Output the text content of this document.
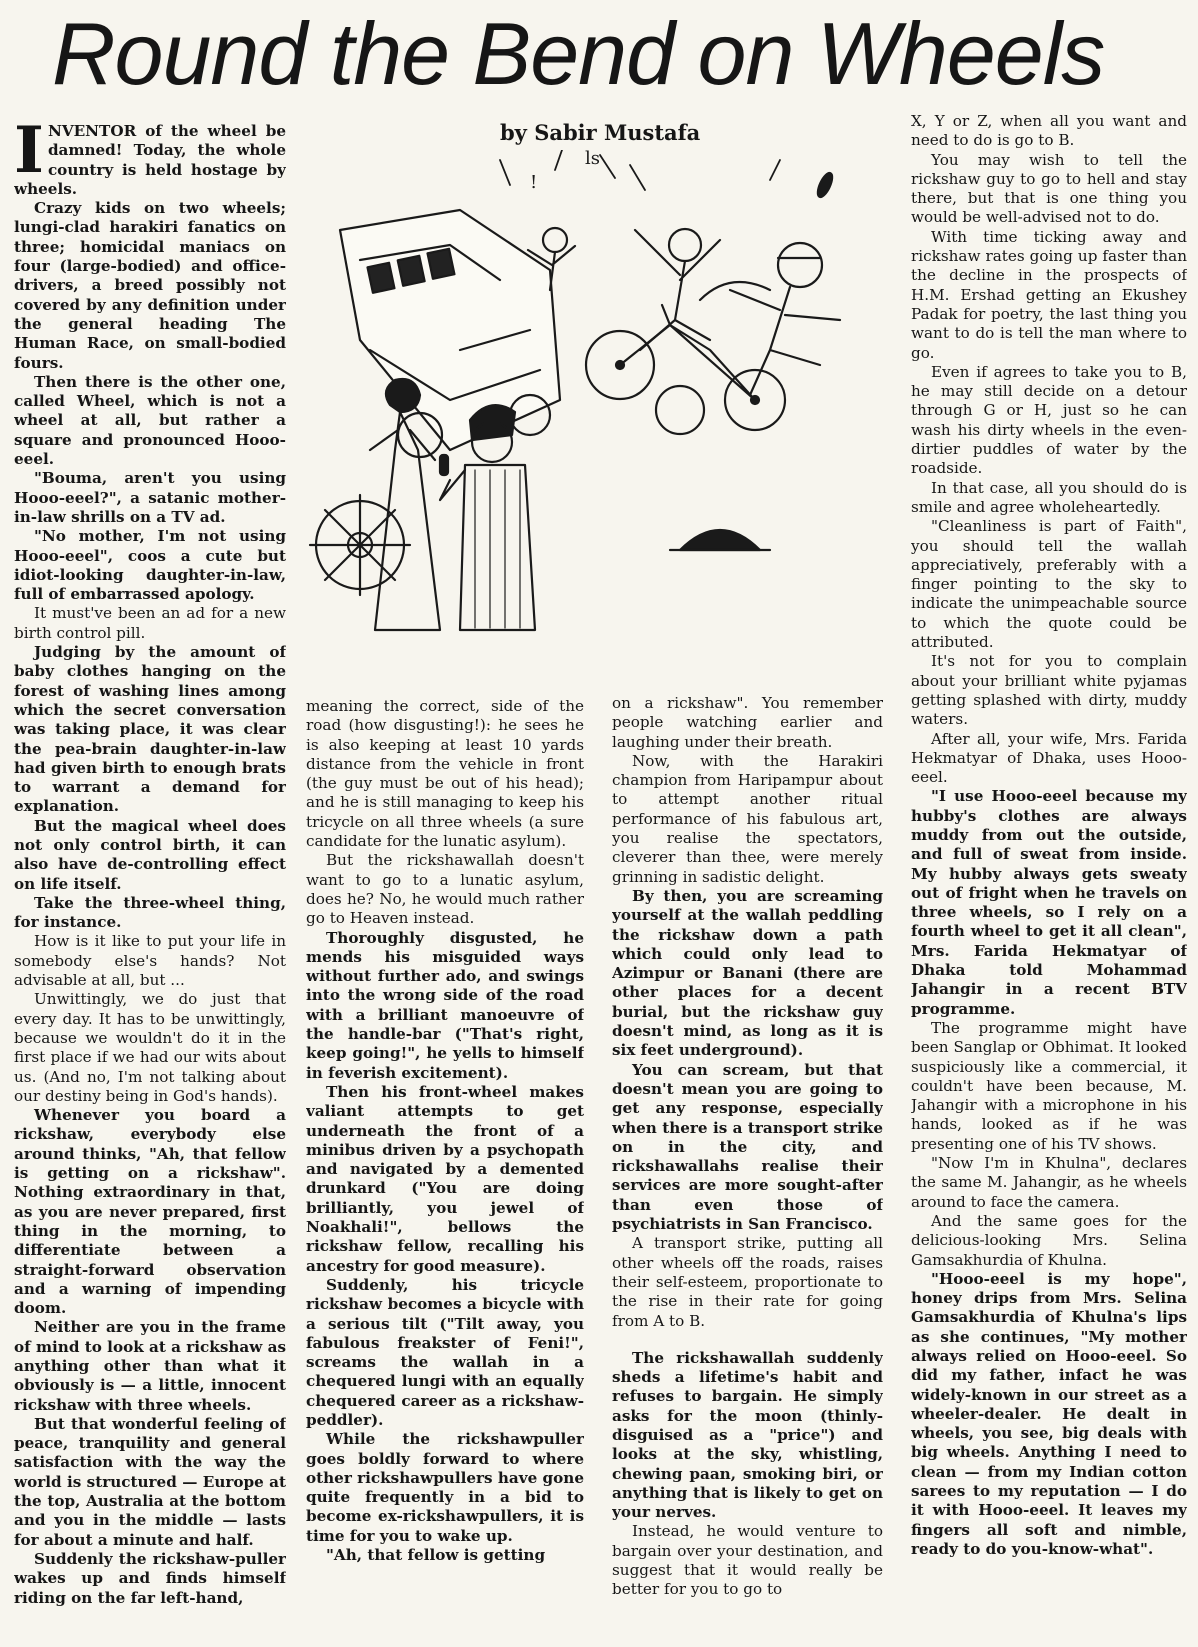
Round the Bend on Wheels

by Sabir Mustafa

INVENTOR of the wheel be damned! Today, the whole country is held hostage by wheels.

Crazy kids on two wheels; lungi-clad harakiri fanatics on three; homicidal maniacs on four (large-bodied) and office-drivers, a breed possibly not covered by any definition under the general heading The Human Race, on small-bodied fours.

Then there is the other one, called Wheel, which is not a wheel at all, but rather a square and pronounced Hooo-eeel.

"Bouma, aren't you using Hooo-eeel?", a satanic mother-in-law shrills on a TV ad.

"No mother, I'm not using Hooo-eeel", coos a cute but idiot-looking daughter-in-law, full of embarrassed apology.

It must've been an ad for a new birth control pill.

Judging by the amount of baby clothes hanging on the forest of washing lines among which the secret conversation was taking place, it was clear the pea-brain daughter-in-law had given birth to enough brats to warrant a demand for explanation.

But the magical wheel does not only control birth, it can also have de-controlling effect on life itself.

Take the three-wheel thing, for instance.

How is it like to put your life in somebody else's hands? Not advisable at all, but ...

Unwittingly, we do just that every day. It has to be unwittingly, because we wouldn't do it in the first place if we had our wits about us. (And no, I'm not talking about our destiny being in God's hands).

Whenever you board a rickshaw, everybody else around thinks, "Ah, that fellow is getting on a rickshaw". Nothing extraordinary in that, as you are never prepared, first thing in the morning, to differentiate between a straight-forward observation and a warning of impending doom.

Neither are you in the frame of mind to look at a rickshaw as anything other than what it obviously is — a little, innocent rickshaw with three wheels.

But that wonderful feeling of peace, tranquility and general satisfaction with the way the world is structured — Europe at the top, Australia at the bottom and you in the middle — lasts for about a minute and half.

Suddenly the rickshaw-puller wakes up and finds himself riding on the far left-hand,

ls
!

meaning the correct, side of the road (how disgusting!): he sees he is also keeping at least 10 yards distance from the vehicle in front (the guy must be out of his head); and he is still managing to keep his tricycle on all three wheels (a sure candidate for the lunatic asylum).

But the rickshawallah doesn't want to go to a lunatic asylum, does he? No, he would much rather go to Heaven instead.

Thoroughly disgusted, he mends his misguided ways without further ado, and swings into the wrong side of the road with a brilliant manoeuvre of the handle-bar ("That's right, keep going!", he yells to himself in feverish excitement).

Then his front-wheel makes valiant attempts to get underneath the front of a minibus driven by a psychopath and navigated by a demented drunkard ("You are doing brilliantly, you jewel of Noakhali!", bellows the rickshaw fellow, recalling his ancestry for good measure).

Suddenly, his tricycle rickshaw becomes a bicycle with a serious tilt ("Tilt away, you fabulous freakster of Feni!", screams the wallah in a chequered lungi with an equally chequered career as a rickshaw-peddler).

While the rickshawpuller goes boldly forward to where other rickshawpullers have gone quite frequently in a bid to become ex-rickshawpullers, it is time for you to wake up.

"Ah, that fellow is getting

on a rickshaw". You remember people watching earlier and laughing under their breath.

Now, with the Harakiri champion from Haripampur about to attempt another ritual performance of his fabulous art, you realise the spectators, cleverer than thee, were merely grinning in sadistic delight.

By then, you are screaming yourself at the wallah peddling the rickshaw down a path which could only lead to Azimpur or Banani (there are other places for a decent burial, but the rickshaw guy doesn't mind, as long as it is six feet underground).

You can scream, but that doesn't mean you are going to get any response, especially when there is a transport strike on in the city, and rickshawallahs realise their services are more sought-after than even those of psychiatrists in San Francisco.

A transport strike, putting all other wheels off the roads, raises their self-esteem, proportionate to the rise in their rate for going from A to B.

The rickshawallah suddenly sheds a lifetime's habit and refuses to bargain. He simply asks for the moon (thinly-disguised as a "price") and looks at the sky, whistling, chewing paan, smoking biri, or anything that is likely to get on your nerves.

Instead, he would venture to bargain over your destination, and suggest that it would really be better for you to go to

X, Y or Z, when all you want and need to do is go to B.

You may wish to tell the rickshaw guy to go to hell and stay there, but that is one thing you would be well-advised not to do.

With time ticking away and rickshaw rates going up faster than the decline in the prospects of H.M. Ershad getting an Ekushey Padak for poetry, the last thing you want to do is tell the man where to go.

Even if agrees to take you to B, he may still decide on a detour through G or H, just so he can wash his dirty wheels in the even-dirtier puddles of water by the roadside.

In that case, all you should do is smile and agree wholeheartedly.

"Cleanliness is part of Faith", you should tell the wallah appreciatively, preferably with a finger pointing to the sky to indicate the unimpeachable source to which the quote could be attributed.

It's not for you to complain about your brilliant white pyjamas getting splashed with dirty, muddy waters.

After all, your wife, Mrs. Farida Hekmatyar of Dhaka, uses Hooo-eeel.

"I use Hooo-eeel because my hubby's clothes are always muddy from out the outside, and full of sweat from inside. My hubby always gets sweaty out of fright when he travels on three wheels, so I rely on a fourth wheel to get it all clean", Mrs. Farida Hekmatyar of Dhaka told Mohammad Jahangir in a recent BTV programme.

The programme might have been Sanglap or Obhimat. It looked suspiciously like a commercial, it couldn't have been because, M. Jahangir with a microphone in his hands, looked as if he was presenting one of his TV shows.

"Now I'm in Khulna", declares the same M. Jahangir, as he wheels around to face the camera.

And the same goes for the delicious-looking Mrs. Selina Gamsakhurdia of Khulna.

"Hooo-eeel is my hope", honey drips from Mrs. Selina Gamsakhurdia of Khulna's lips as she continues, "My mother always relied on Hooo-eeel. So did my father, infact he was widely-known in our street as a wheeler-dealer. He dealt in wheels, you see, big deals with big wheels. Anything I need to clean — from my Indian cotton sarees to my reputation — I do it with Hooo-eeel. It leaves my fingers all soft and nimble, ready to do you-know-what".
